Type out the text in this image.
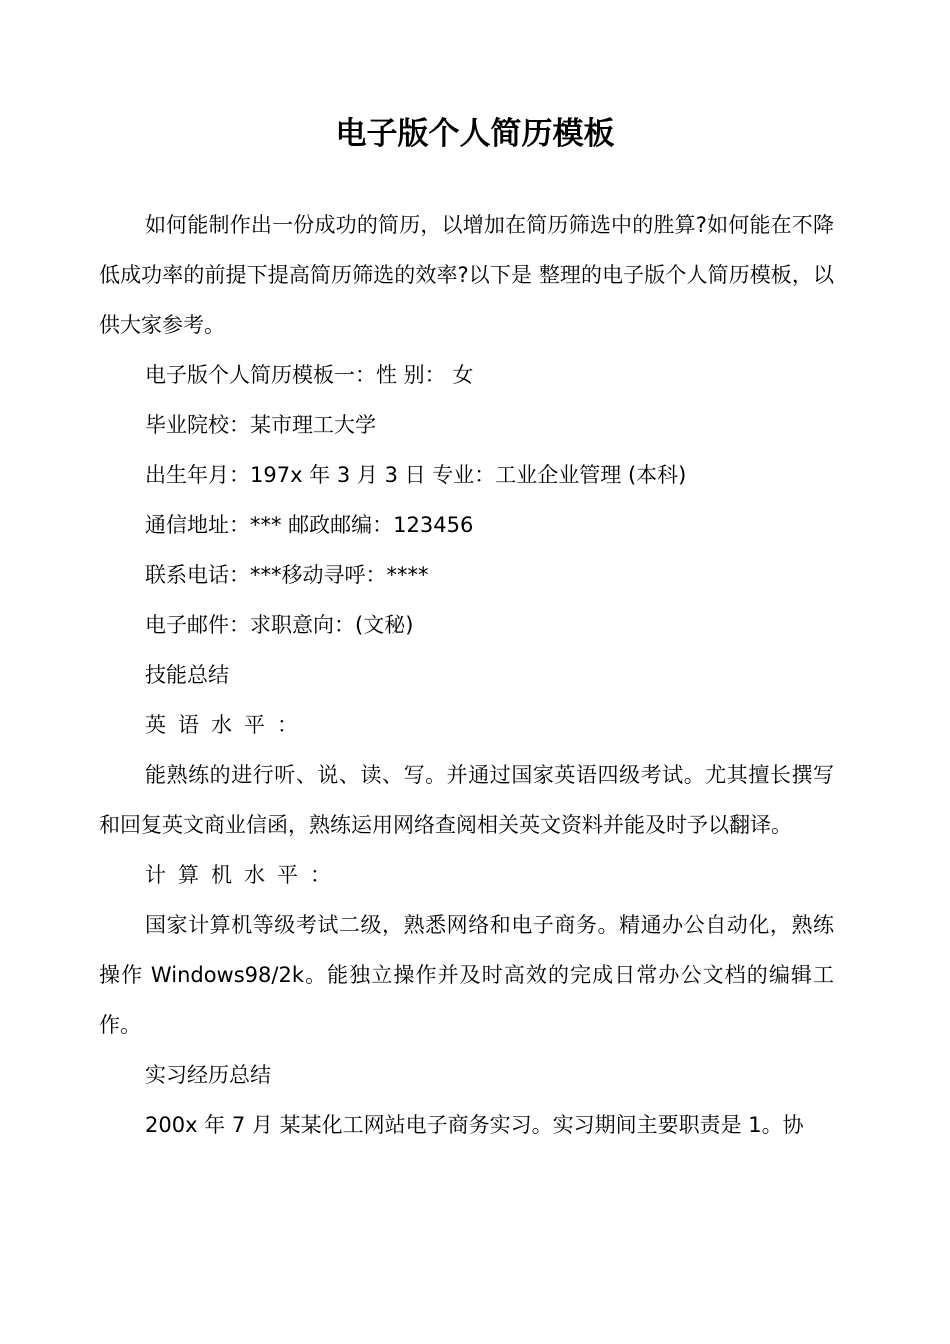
电子版个人简历模板

如何能制作出一份成功的简历，以增加在简历筛选中的胜算?如何能在不降低成功率的前提下提高简历筛选的效率?以下是 整理的电子版个人简历模板，以供大家参考。

电子版个人简历模板一：性 别： 女

毕业院校：某市理工大学

出生年月：197x 年 3 月 3 日 专业：工业企业管理 (本科)

通信地址：*** 邮政邮编：123456

联系电话：***移动寻呼：****

电子邮件：求职意向：(文秘)

技能总结

英语水平：

能熟练的进行听、说、读、写。并通过国家英语四级考试。尤其擅长撰写和回复英文商业信函，熟练运用网络查阅相关英文资料并能及时予以翻译。

计算机水平：

国家计算机等级考试二级，熟悉网络和电子商务。精通办公自动化，熟练操作 Windows98/2k。能独立操作并及时高效的完成日常办公文档的编辑工作。

实习经历总结

200x 年 7 月 某某化工网站电子商务实习。实习期间主要职责是 1。协
